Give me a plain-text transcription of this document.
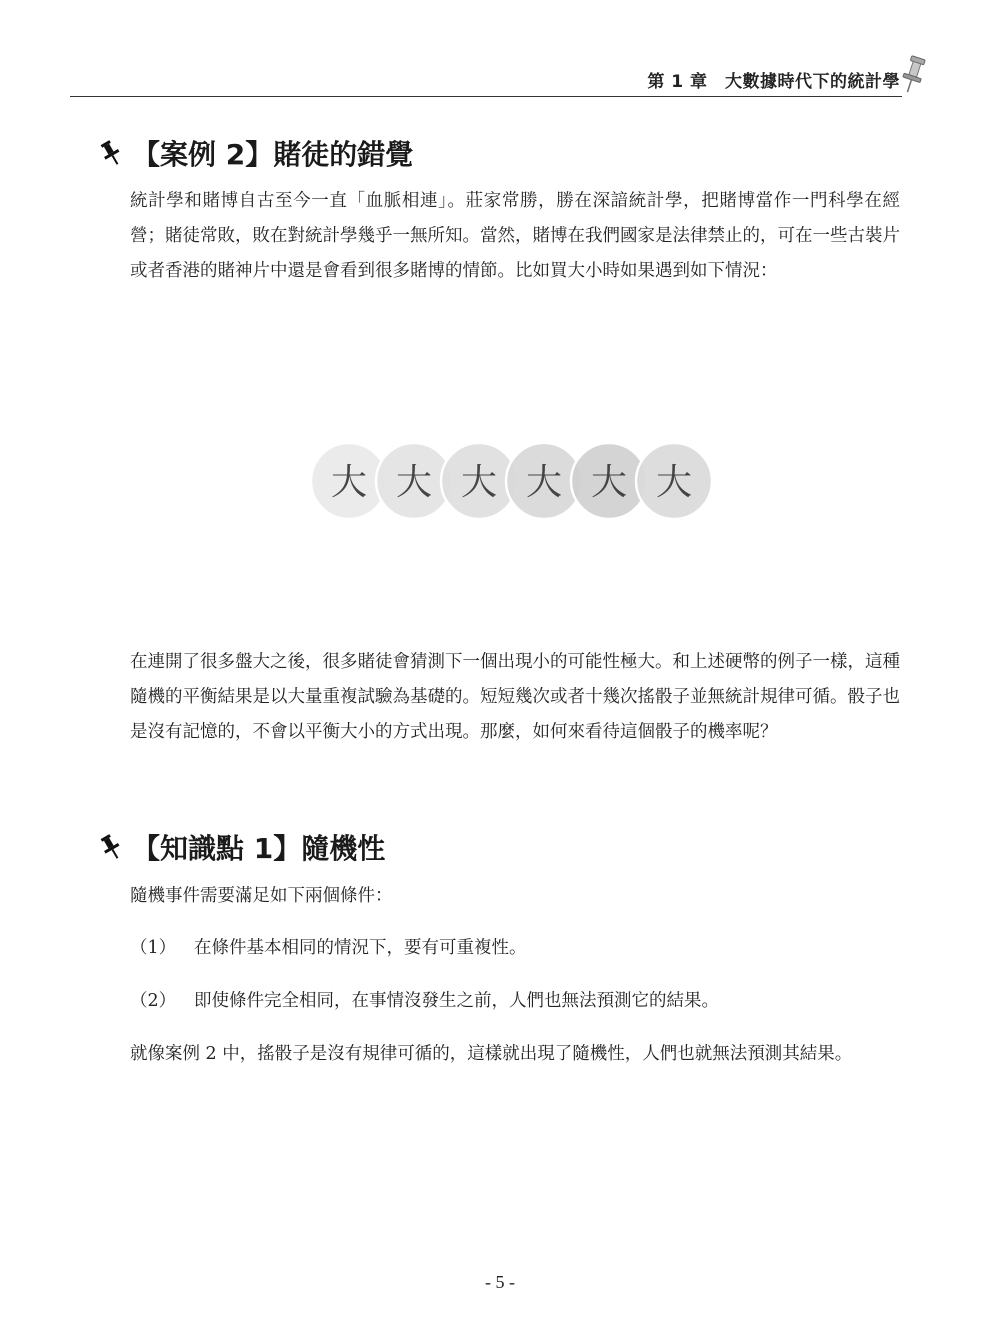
第 1 章　大數據時代下的統計學
【案例 2】賭徒的錯覺

統計學和賭博自古至今一直「血脈相連」。莊家常勝，勝在深諳統計學，把賭博當作一門科學在經營；賭徒常敗，敗在對統計學幾乎一無所知。當然，賭博在我們國家是法律禁止的，可在一些古裝片或者香港的賭神片中還是會看到很多賭博的情節。比如買大小時如果遇到如下情況：

大 大 大 大 大 大

在連開了很多盤大之後，很多賭徒會猜測下一個出現小的可能性極大。和上述硬幣的例子一樣，這種隨機的平衡結果是以大量重複試驗為基礎的。短短幾次或者十幾次搖骰子並無統計規律可循。骰子也是沒有記憶的，不會以平衡大小的方式出現。那麼，如何來看待這個骰子的機率呢？

【知識點 1】隨機性

隨機事件需要滿足如下兩個條件：

（1） 在條件基本相同的情況下，要有可重複性。

（2） 即使條件完全相同，在事情沒發生之前，人們也無法預測它的結果。

就像案例 2 中，搖骰子是沒有規律可循的，這樣就出現了隨機性，人們也就無法預測其結果。

- 5 -
